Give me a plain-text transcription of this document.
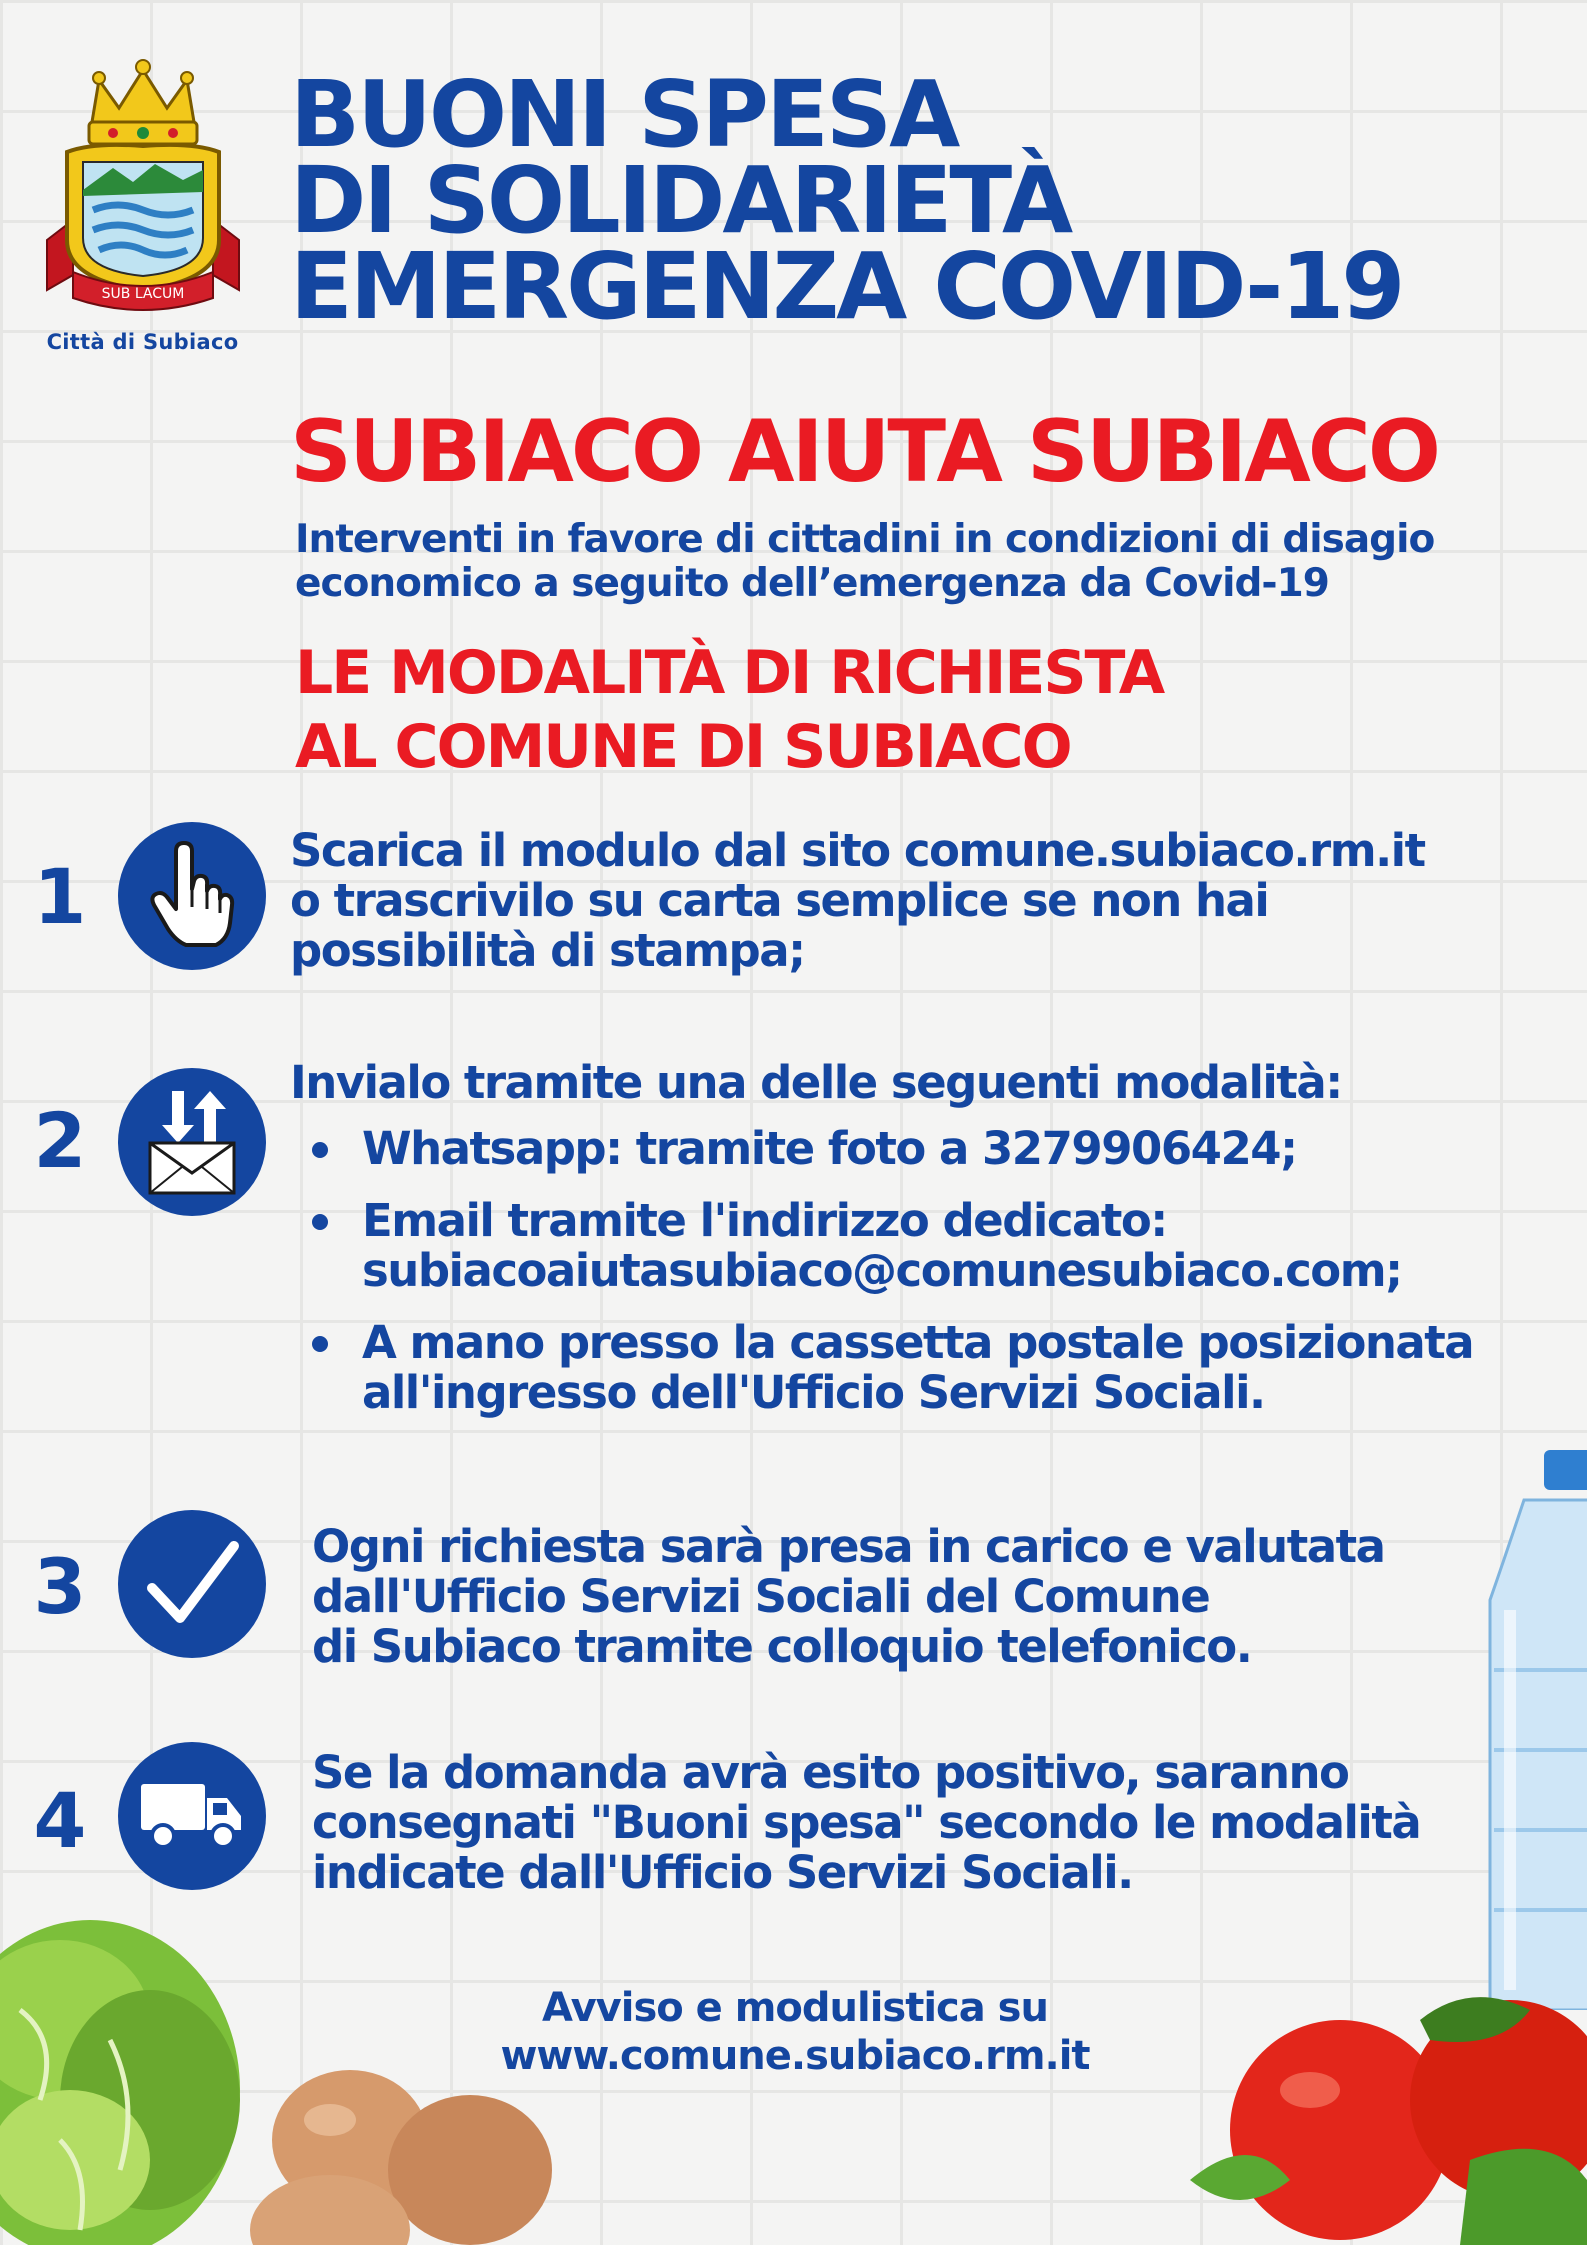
SUB LACUM
Città di Subiaco
BUONI SPESA
DI SOLIDARIETÀ
EMERGENZA COVID-19
SUBIACO AIUTA SUBIACO
Interventi in favore di cittadini in condizioni di disagio economico a seguito dell’emergenza da Covid-19
LE MODALITÀ DI RICHIESTA
AL COMUNE DI SUBIACO
1

Scarica il modulo dal sito comune.subiaco.rm.it

o trascrivilo su carta semplice se non hai

possibilità di stampa;

2

Invialo tramite una delle seguenti modalità:

Whatsapp: tramite foto a 3279906424;
Email tramite l'indirizzo dedicato:
subiacoaiutasubiaco@comunesubiaco.com;
A mano presso la cassetta postale posizionata
all'ingresso dell'Ufficio Servizi Sociali.
3	Ogni richiesta sarà presa in carico e valutata

dall'Ufficio Servizi Sociali del Comune

di Subiaco tramite colloquio telefonico.

4

Se la domanda avrà esito positivo, saranno

consegnati "Buoni spesa" secondo le modalità

indicate dall'Ufficio Servizi Sociali.

Avviso e modulistica su
www.comune.subiaco.rm.it
